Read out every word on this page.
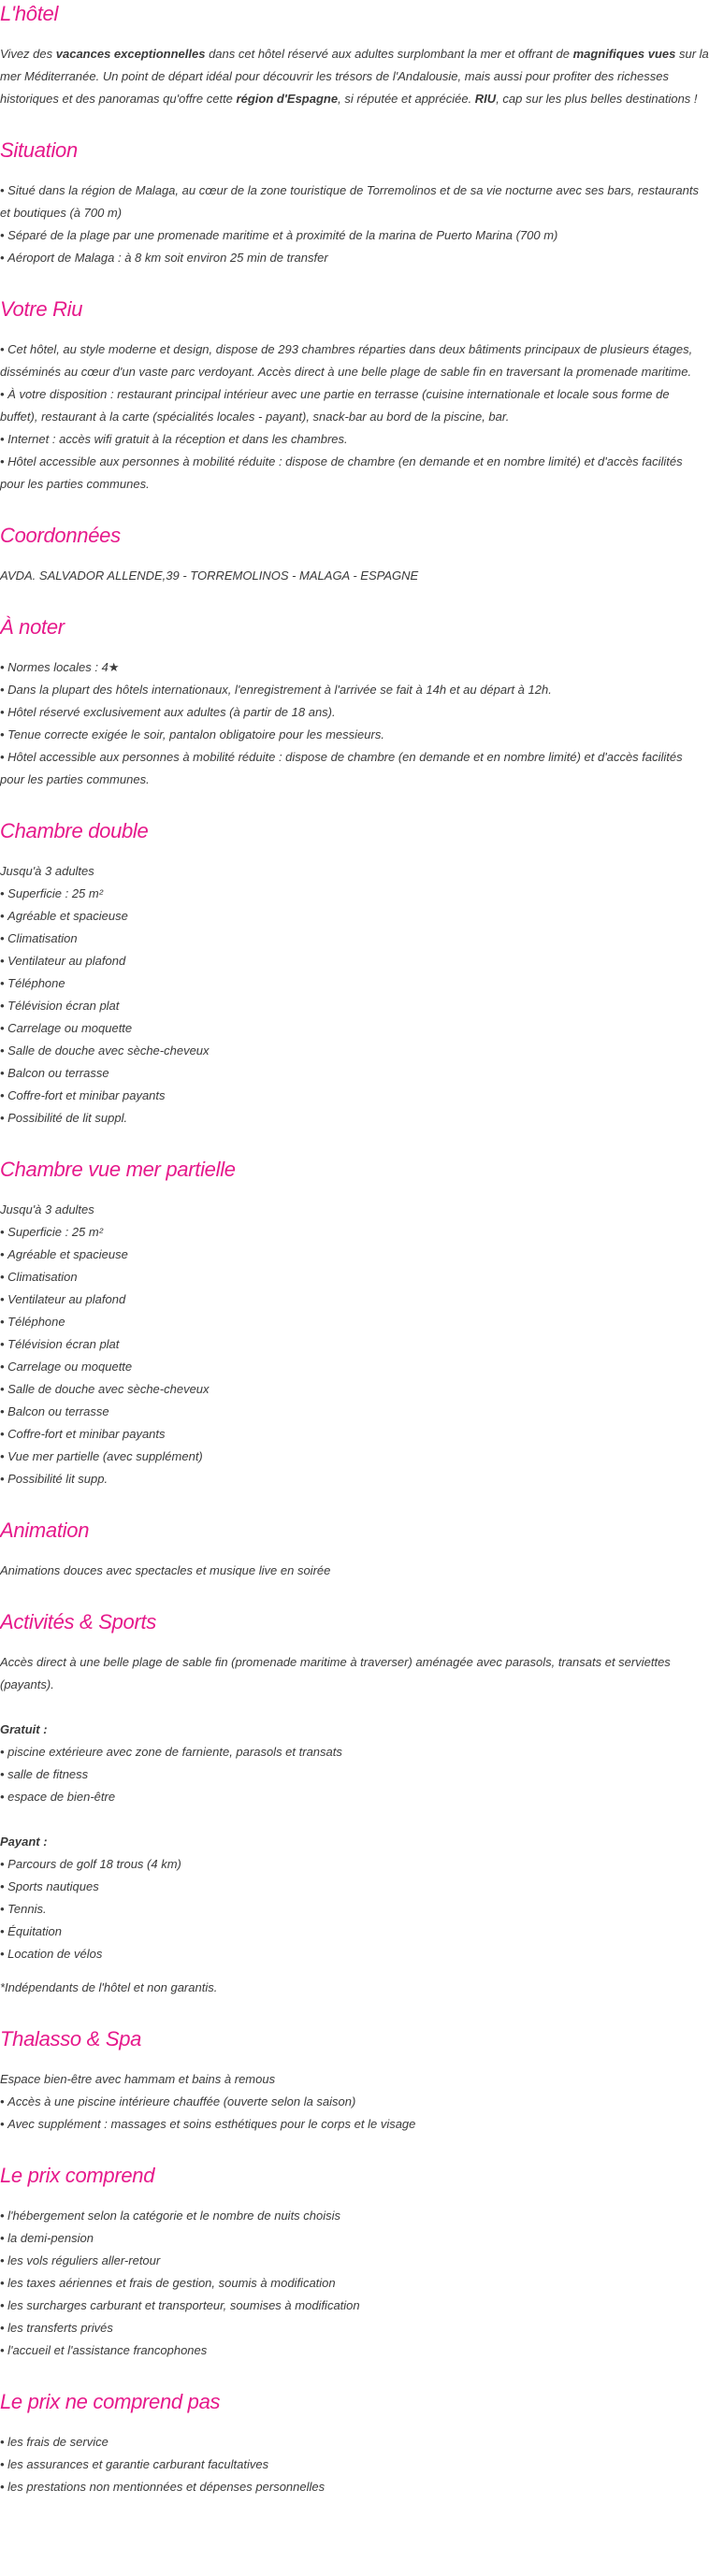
L'hôtel

Vivez des vacances exceptionnelles dans cet hôtel réservé aux adultes surplombant la mer et offrant de magnifiques vues sur la mer Méditerranée. Un point de départ idéal pour découvrir les trésors de l'Andalousie, mais aussi pour profiter des richesses historiques et des panoramas qu'offre cette région d'Espagne, si réputée et appréciée. RIU, cap sur les plus belles destinations !

Situation
• Situé dans la région de Malaga, au cœur de la zone touristique de Torremolinos et de sa vie nocturne avec ses bars, restaurants et boutiques (à 700 m)
• Séparé de la plage par une promenade maritime et à proximité de la marina de Puerto Marina (700 m)
• Aéroport de Malaga : à 8 km soit environ 25 min de transfer
Votre Riu
• Cet hôtel, au style moderne et design, dispose de 293 chambres réparties dans deux bâtiments principaux de plusieurs étages, disséminés au cœur d'un vaste parc verdoyant. Accès direct à une belle plage de sable fin en traversant la promenade maritime.
• À votre disposition : restaurant principal intérieur avec une partie en terrasse (cuisine internationale et locale sous forme de buffet), restaurant à la carte (spécialités locales - payant), snack-bar au bord de la piscine, bar.
• Internet : accès wifi gratuit à la réception et dans les chambres.
• Hôtel accessible aux personnes à mobilité réduite : dispose de chambre (en demande et en nombre limité) et d'accès facilités pour les parties communes.
Coordonnées

AVDA. SALVADOR ALLENDE,39 - TORREMOLINOS - MALAGA - ESPAGNE

À noter
• Normes locales : 4★
• Dans la plupart des hôtels internationaux, l'enregistrement à l'arrivée se fait à 14h et au départ à 12h.
• Hôtel réservé exclusivement aux adultes (à partir de 18 ans).
• Tenue correcte exigée le soir, pantalon obligatoire pour les messieurs.
• Hôtel accessible aux personnes à mobilité réduite : dispose de chambre (en demande et en nombre limité) et d'accès facilités pour les parties communes.
Chambre double

Jusqu'à 3 adultes

• Superficie : 25 m²
• Agréable et spacieuse
• Climatisation
• Ventilateur au plafond
• Téléphone
• Télévision écran plat
• Carrelage ou moquette
• Salle de douche avec sèche-cheveux
• Balcon ou terrasse
• Coffre-fort et minibar payants
• Possibilité de lit suppl.
Chambre vue mer partielle

Jusqu'à 3 adultes

• Superficie : 25 m²
• Agréable et spacieuse
• Climatisation
• Ventilateur au plafond
• Téléphone
• Télévision écran plat
• Carrelage ou moquette
• Salle de douche avec sèche-cheveux
• Balcon ou terrasse
• Coffre-fort et minibar payants
• Vue mer partielle (avec supplément)
• Possibilité lit supp.
Animation

Animations douces avec spectacles et musique live en soirée

Activités & Sports

Accès direct à une belle plage de sable fin (promenade maritime à traverser) aménagée avec parasols, transats et serviettes (payants).

Gratuit :

• piscine extérieure avec zone de farniente, parasols et transats
• salle de fitness
• espace de bien-être

Payant :

• Parcours de golf 18 trous (4 km)
• Sports nautiques
• Tennis.
• Équitation
• Location de vélos

*Indépendants de l'hôtel et non garantis.

Thalasso & Spa

Espace bien-être avec hammam et bains à remous

• Accès à une piscine intérieure chauffée (ouverte selon la saison)
• Avec supplément : massages et soins esthétiques pour le corps et le visage
Le prix comprend
• l'hébergement selon la catégorie et le nombre de nuits choisis
• la demi-pension
• les vols réguliers aller-retour
• les taxes aériennes et frais de gestion, soumis à modification
• les surcharges carburant et transporteur, soumises à modification
• les transferts privés
• l'accueil et l'assistance francophones
Le prix ne comprend pas
• les frais de service
• les assurances et garantie carburant facultatives
• les prestations non mentionnées et dépenses personnelles
